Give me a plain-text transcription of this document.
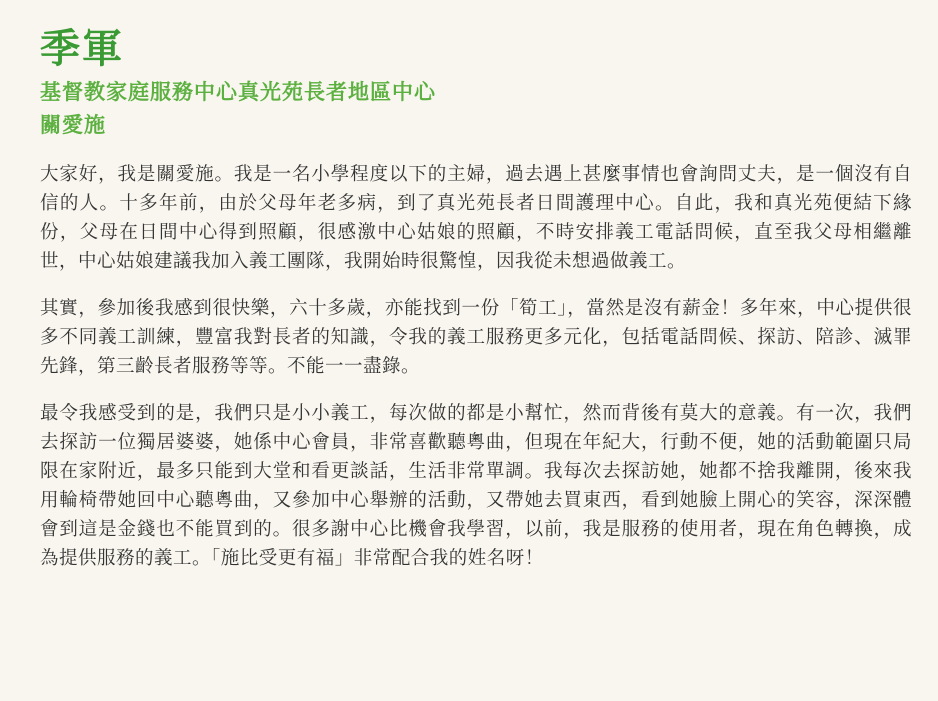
季軍
基督教家庭服務中心真光苑長者地區中心
關愛施

大家好，我是關愛施。我是一名小學程度以下的主婦，過去遇上甚麼事情也會詢問丈夫，是一個沒有自信的人。十多年前，由於父母年老多病，到了真光苑長者日間護理中心。自此，我和真光苑便結下緣份，父母在日間中心得到照顧，很感激中心姑娘的照顧，不時安排義工電話問候，直至我父母相繼離世，中心姑娘建議我加入義工團隊，我開始時很驚惶，因我從未想過做義工。

其實，參加後我感到很快樂，六十多歲，亦能找到一份「筍工」，當然是沒有薪金！多年來，中心提供很多不同義工訓練，豐富我對長者的知識，令我的義工服務更多元化，包括電話問候、探訪、陪診、滅罪先鋒，第三齡長者服務等等。不能一一盡錄。

最令我感受到的是，我們只是小小義工，每次做的都是小幫忙，然而背後有莫大的意義。有一次，我們去探訪一位獨居婆婆，她係中心會員，非常喜歡聽粵曲，但現在年紀大，行動不便，她的活動範圍只局限在家附近，最多只能到大堂和看更談話，生活非常單調。我每次去探訪她，她都不捨我離開，後來我用輪椅帶她回中心聽粵曲，又參加中心舉辦的活動，又帶她去買東西，看到她臉上開心的笑容，深深體會到這是金錢也不能買到的。很多謝中心比機會我學習，以前，我是服務的使用者，現在角色轉換，成為提供服務的義工。「施比受更有福」非常配合我的姓名呀！
